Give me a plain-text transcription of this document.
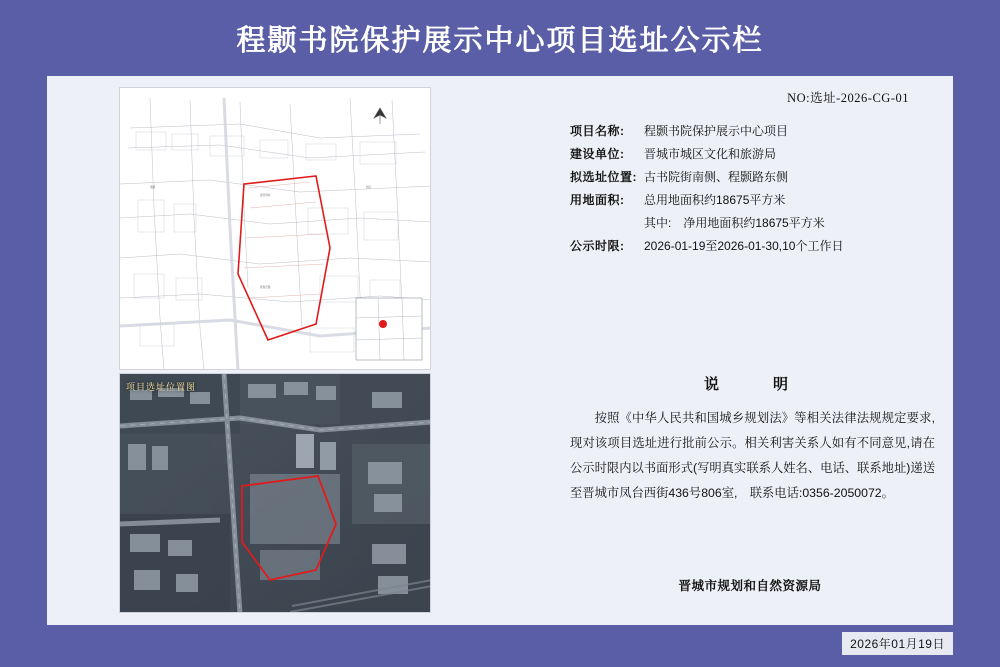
程颢书院保护展示中心项目选址公示栏
建设用地
规划范围
道路	街区
项目选址位置图
NO:选址-2026-CG-01
项目名称:	程颢书院保护展示中心项目
建设单位:	晋城市城区文化和旅游局
拟选址位置: 古书院街南侧、程颢路东侧
用地面积:	总用地面积约18675平方米
其中: 净用地面积约18675平方米
公示时限:	2026-01-19至2026-01-30,10个工作日
说　　明

按照《中华人民共和国城乡规划法》等相关法律法规规定要求,现对该项目选址进行批前公示。相关利害关系人如有不同意见,请在公示时限内以书面形式(写明真实联系人姓名、电话、联系地址)递送至晋城市凤台西街436号806室,　联系电话:0356-2050072。

晋城市规划和自然资源局
2026年01月19日
